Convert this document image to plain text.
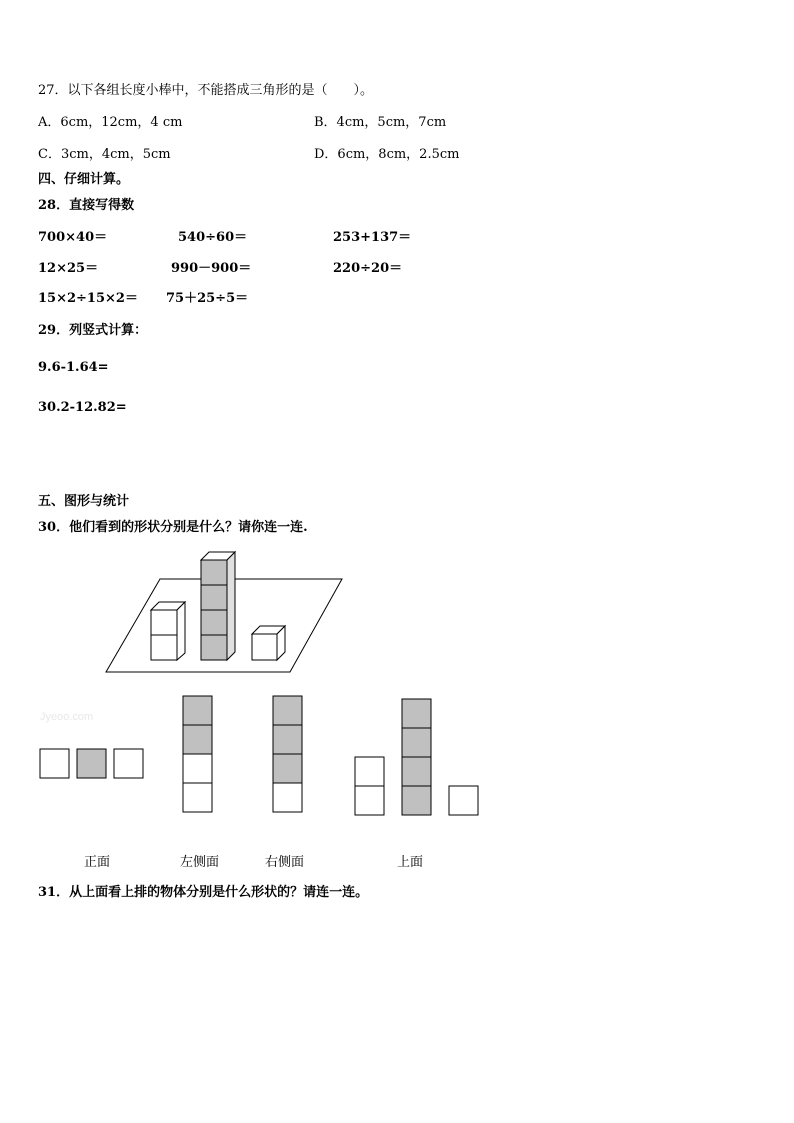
27．以下各组长度小棒中，不能搭成三角形的是（　　）。
A．6cm，12cm，4 cm	B．4cm，5cm，7cm
C．3cm，4cm，5cm	D．6cm，8cm，2.5cm
四、仔细计算。
28．直接写得数
700×40＝	540÷60＝	253+137＝
12×25＝	990－900＝	220÷20＝
15×2÷15×2＝ 75＋25÷5＝
29．列竖式计算：
9.6-1.64=
30.2-12.82=
五、图形与统计
30．他们看到的形状分别是什么？请你连一连.
Jyeoo.com
正面	左侧面	右侧面	上面
31．从上面看上排的物体分别是什么形状的？请连一连。
